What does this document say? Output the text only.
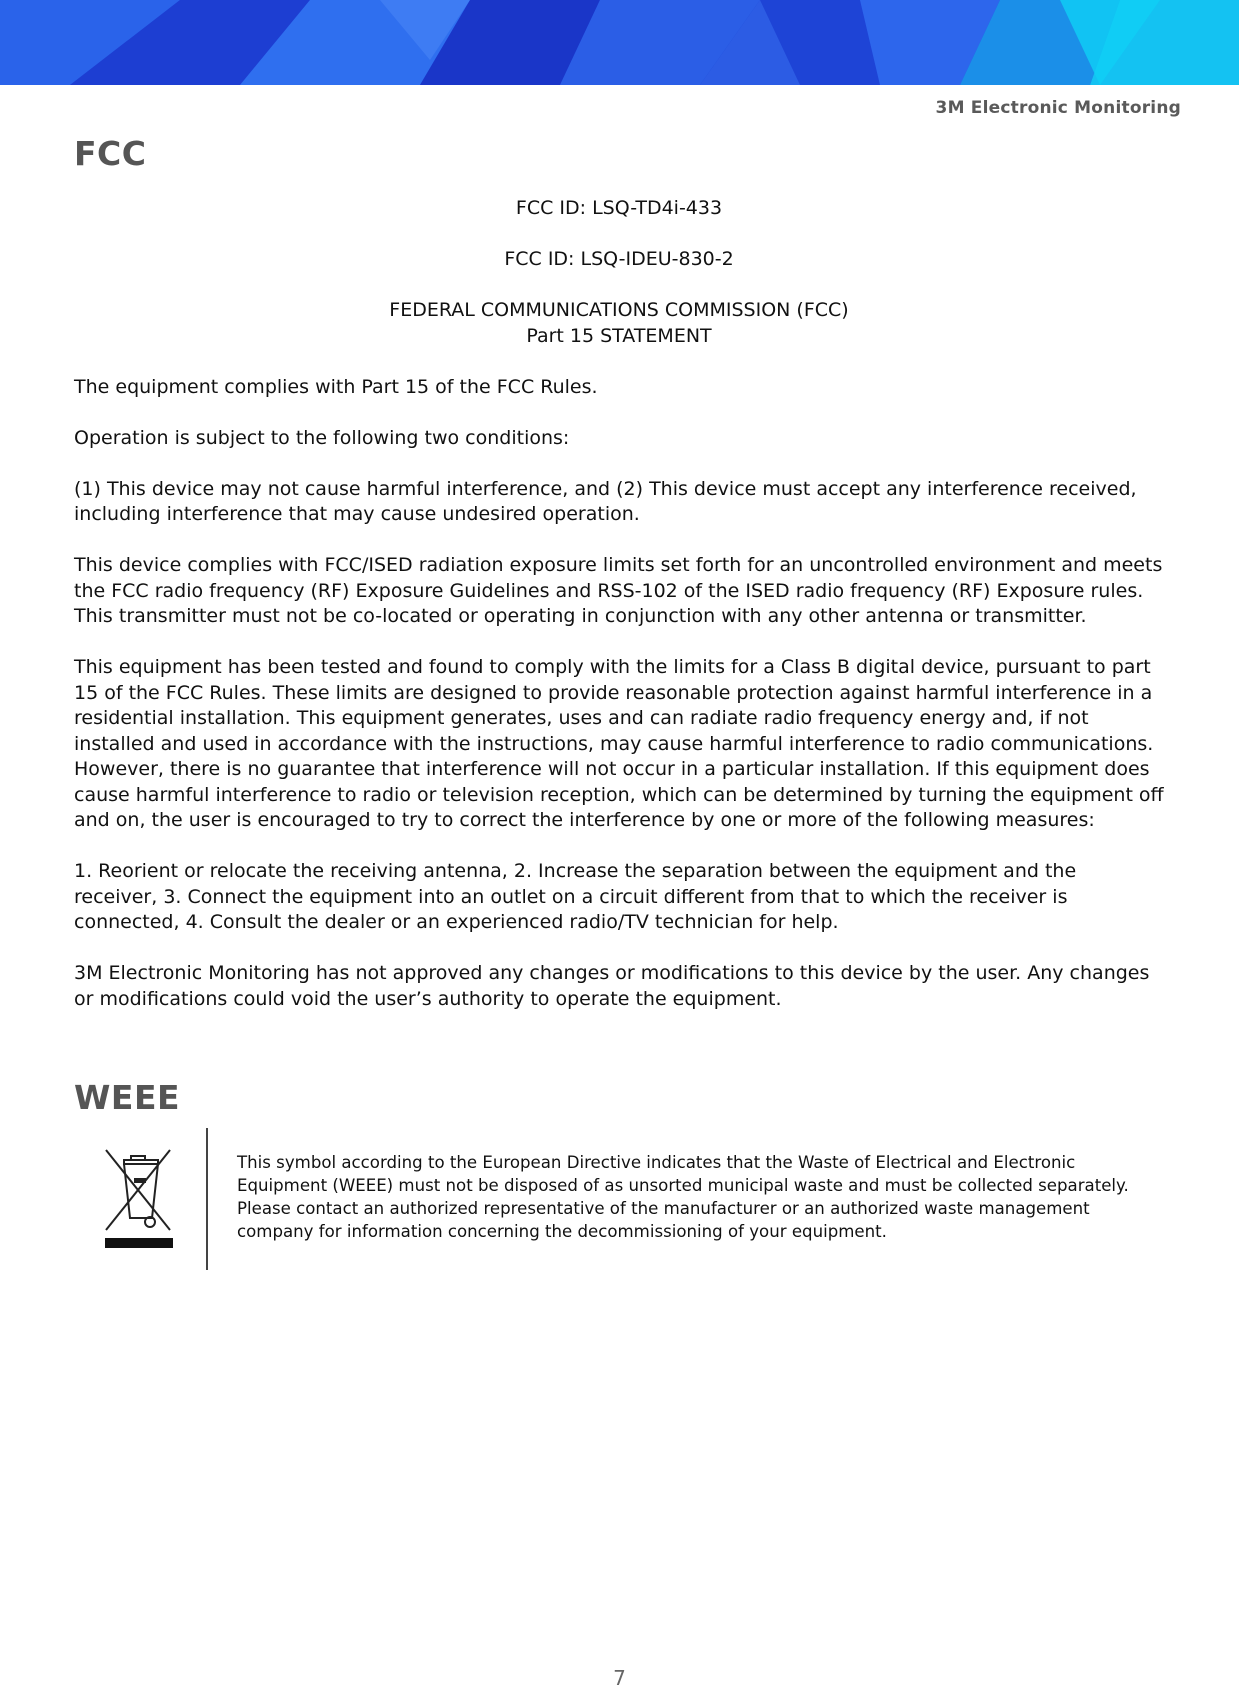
3M Electronic Monitoring
FCC

FCC ID: LSQ-TD4i-433

FCC ID: LSQ-IDEU-830-2

FEDERAL COMMUNICATIONS COMMISSION (FCC)

Part 15 STATEMENT

The equipment complies with Part 15 of the FCC Rules.

Operation is subject to the following two conditions:

(1) This device may not cause harmful interference, and (2) This device must accept any interference received, including interference that may cause undesired operation.

This device complies with FCC/ISED radiation exposure limits set forth for an uncontrolled environment and meets the FCC radio frequency (RF) Exposure Guidelines and RSS-102 of the ISED radio frequency (RF) Exposure rules. This transmitter must not be co-located or operating in conjunction with any other antenna or transmitter.

This equipment has been tested and found to comply with the limits for a Class B digital device, pursuant to part 15 of the FCC Rules. These limits are designed to provide reasonable protection against harmful interference in a residential installation. This equipment generates, uses and can radiate radio frequency energy and, if not installed and used in accordance with the instructions, may cause harmful interference to radio communications. However, there is no guarantee that interference will not occur in a particular installation. If this equipment does cause harmful interference to radio or television reception, which can be determined by turning the equipment off and on, the user is encouraged to try to correct the interference by one or more of the following measures:

1. Reorient or relocate the receiving antenna, 2. Increase the separation between the equipment and the receiver, 3. Connect the equipment into an outlet on a circuit different from that to which the receiver is connected, 4. Consult the dealer or an experienced radio/TV technician for help.

3M Electronic Monitoring has not approved any changes or modifications to this device by the user. Any changes or modifications could void the user’s authority to operate the equipment.

WEEE
This symbol according to the European Directive indicates that the Waste of Electrical and Electronic Equipment (WEEE) must not be disposed of as unsorted municipal waste and must be collected separately. Please contact an authorized representative of the manufacturer or an authorized waste management company for information concerning the decommissioning of your equipment.
7
